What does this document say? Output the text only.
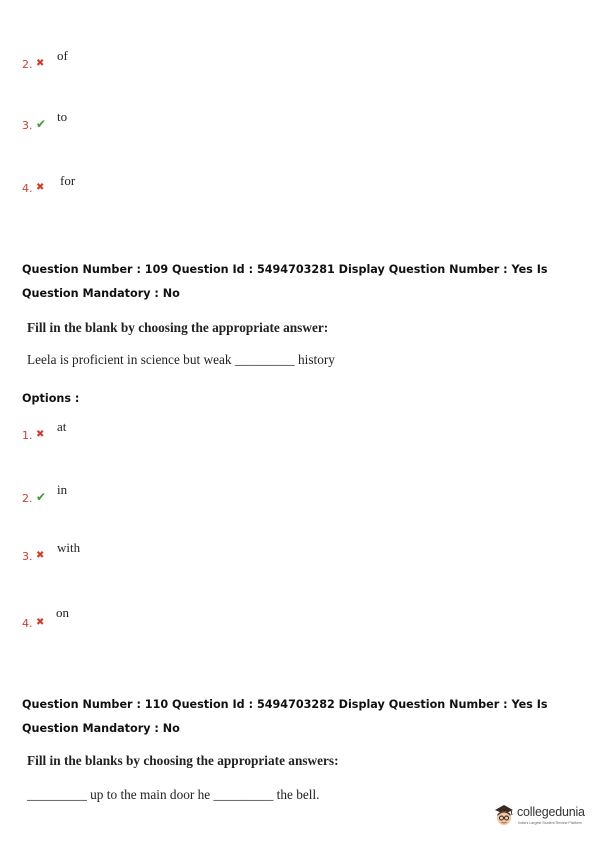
2. ✖
of
3. ✔ to
4. ✖ for
Question Number : 109 Question Id : 5494703281 Display Question Number : Yes Is Question Mandatory : No
Fill in the blank by choosing the appropriate answer:
Leela is proficient in science but weak _________ history
Options :
1. ✖
at
2. ✔ in
3. ✖
with
4. ✖
on
Question Number : 110 Question Id : 5494703282 Display Question Number : Yes Is Question Mandatory : No
Fill in the blanks by choosing the appropriate answers:
_________ up to the main door he _________ the bell.
collegedunia
India's Largest Student Review Platform
